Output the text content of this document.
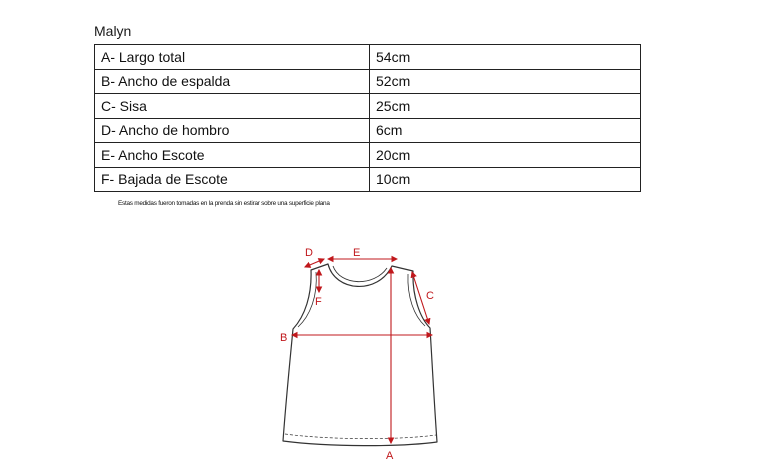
Malyn
A- Largo total	54cm
B- Ancho de espalda	52cm
C- Sisa	25cm
D- Ancho de hombro	6cm
E- Ancho Escote	20cm
F- Bajada de Escote	10cm
Estas medidas fueron tomadas en la prenda sin estirar sobre una superficie plana
A
B
C
D	E
F
